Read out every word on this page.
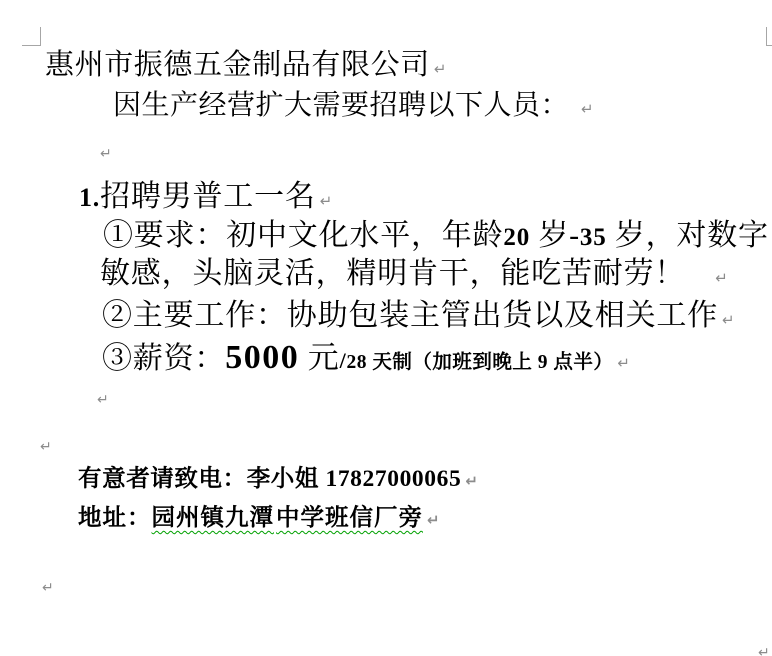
惠州市振德五金制品有限公司 ↵
因生产经营扩大需要招聘以下人员： ↵
↵
1.招聘男普工一名 ↵
①要求：初中文化水平，年龄20 岁-35 岁，对数字
敏感，头脑灵活，精明肯干，能吃苦耐劳！ ↵
②主要工作：协助包装主管出货以及相关工作 ↵
③薪资：5000 元/28 天制（加班到晚上 9 点半） ↵
↵
↵
有意者请致电：李小姐 17827000065 ↵
地址：园州镇九潭中学班信厂旁 ↵
↵
↵
